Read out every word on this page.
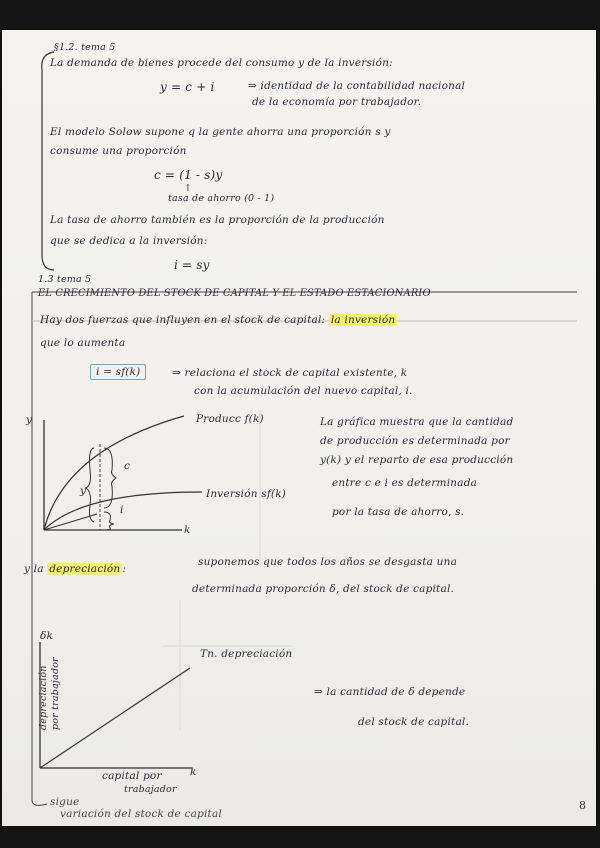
§1.2. tema 5
La demanda de bienes procede del consumo y de la inversión:
y = c + i	⇒ identidad de la contabilidad nacional
de la economía por trabajador.
El modelo Solow supone q la gente ahorra una proporción s y
consume una proporción
c = (1 - s)y
↑
tasa de ahorro (0 - 1)
La tasa de ahorro también es la proporción de la producción
que se dedica a la inversión:
i = sy
1.3 tema 5
EL CRECIMIENTO DEL STOCK DE CAPITAL Y EL ESTADO ESTACIONARIO
Hay dos fuerzas que influyen en el stock de capital: la inversión
que lo aumenta
i = sf(k)	⇒ relaciona el stock de capital existente, k
con la acumulación del nuevo capital, i.
y
k
Producc f(k)
Inversión sf(k)
c
y
i
La gráfica muestra que la cantidad
de producción es determinada por
y(k) y el reparto de esa producción
entre c e i es determinada
por la tasa de ahorro, s.
y la depreciación :
suponemos que todos los años se desgasta una
determinada proporción δ, del stock de capital.
δk
depreciación por trabajador
Tn. depreciación
capital por
trabajador
k
⇒ la cantidad de δ depende
del stock de capital.
sigue
variación del stock de capital
8
